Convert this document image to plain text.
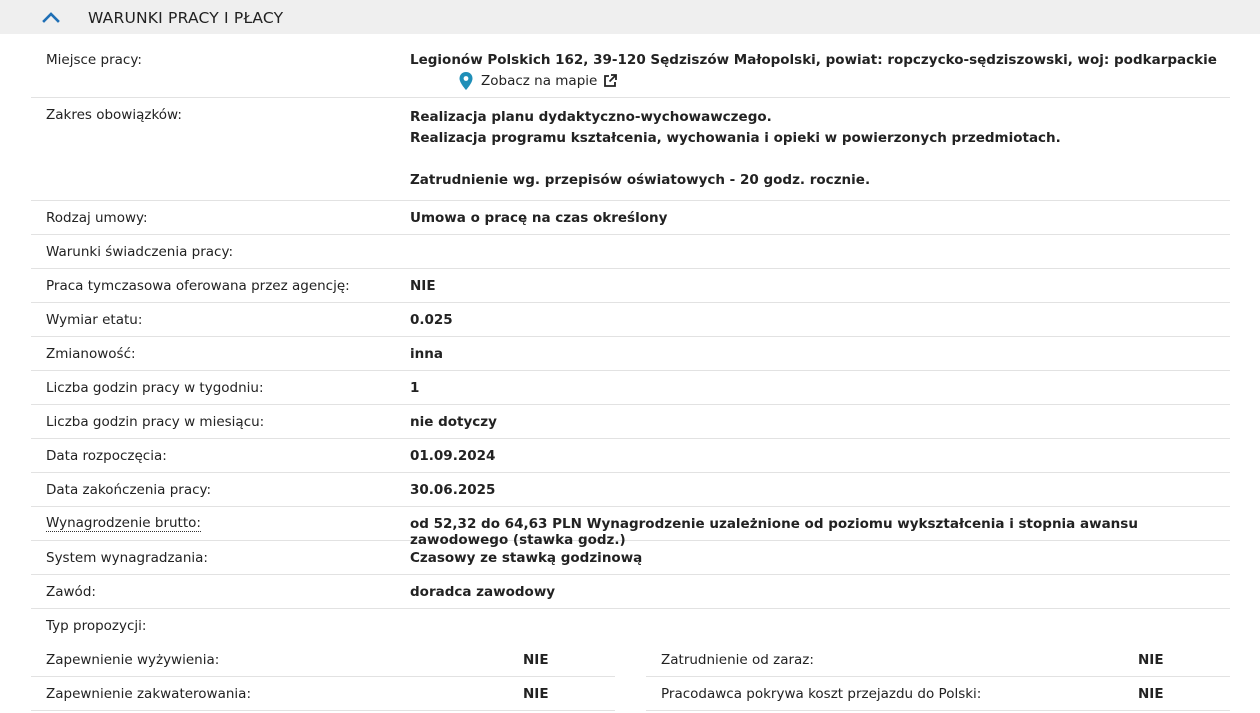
WARUNKI PRACY I PŁACY
Miejsce pracy:	Legionów Polskich 162, 39-120 Sędziszów Małopolski, powiat: ropczycko-sędziszowski, woj: podkarpackie
Zobacz na mapie
Zakres obowiązków:	Realizacja planu dydaktyczno-wychowawczego.
Realizacja programu kształcenia, wychowania i opieki w powierzonych przedmiotach.
Zatrudnienie wg. przepisów oświatowych - 20 godz. rocznie.
Rodzaj umowy:	Umowa o pracę na czas określony
Warunki świadczenia pracy:
Praca tymczasowa oferowana przez agencję:	NIE
Wymiar etatu:	0.025
Zmianowość:	inna
Liczba godzin pracy w tygodniu:	1
Liczba godzin pracy w miesiącu:	nie dotyczy
Data rozpoczęcia:	01.09.2024
Data zakończenia pracy:	30.06.2025
Wynagrodzenie brutto:	od 52,32 do 64,63 PLN Wynagrodzenie uzależnione od poziomu wykształcenia i stopnia awansu zawodowego (stawka godz.)
System wynagradzania:	Czasowy ze stawką godzinową
Zawód:	doradca zawodowy
Typ propozycji:
Zapewnienie wyżywienia:	NIE
Zapewnienie zakwaterowania:	NIE
Zatrudnienie od zaraz:	NIE
Pracodawca pokrywa koszt przejazdu do Polski:	NIE
